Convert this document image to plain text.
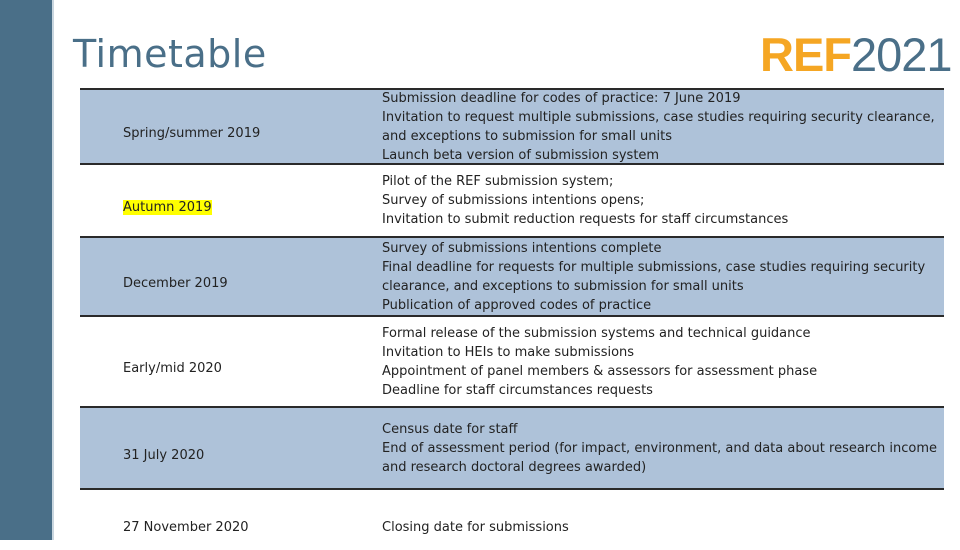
Timetable	REF2021
Spring/summer 2019
Submission deadline for codes of practice: 7 June 2019
Invitation to request multiple submissions, case studies requiring security clearance,
and exceptions to submission for small units
Launch beta version of submission system
Autumn 2019
Pilot of the REF submission system;
Survey of submissions intentions opens;
Invitation to submit reduction requests for staff circumstances
December 2019
Survey of submissions intentions complete
Final deadline for requests for multiple submissions, case studies requiring security
clearance, and exceptions to submission for small units
Publication of approved codes of practice
Early/mid 2020
Formal release of the submission systems and technical guidance
Invitation to HEIs to make submissions
Appointment of panel members & assessors for assessment phase
Deadline for staff circumstances requests
31 July 2020
Census date for staff
End of assessment period (for impact, environment, and data about research income
and research doctoral degrees awarded)
27 November 2020	Closing date for submissions
